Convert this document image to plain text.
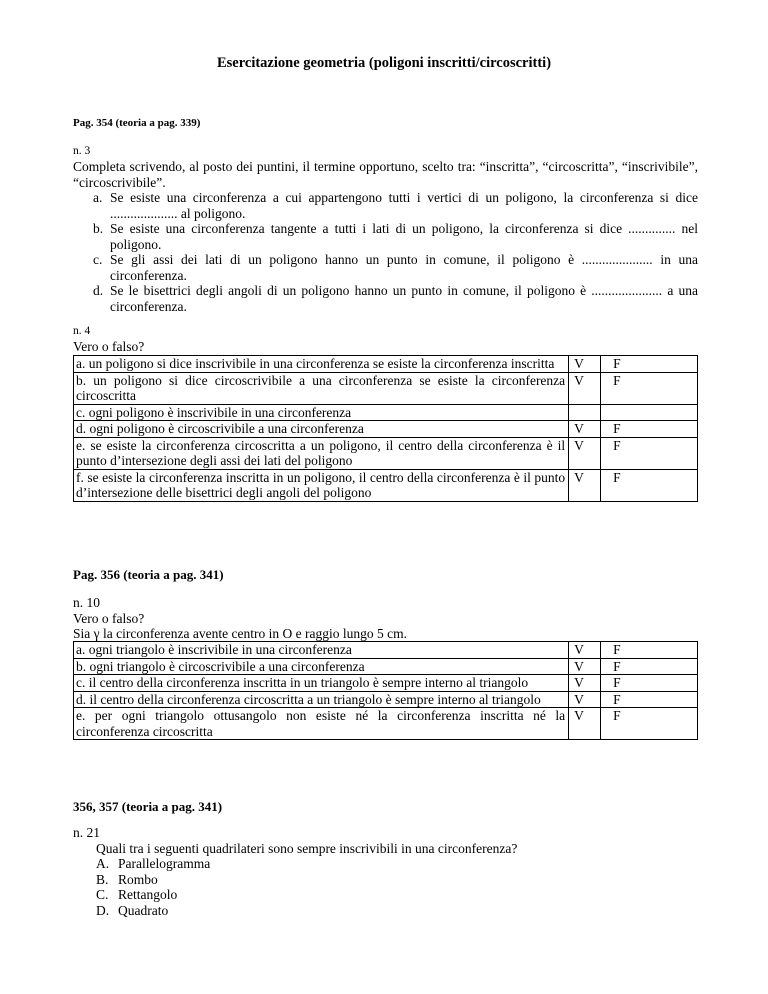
Esercitazione geometria (poligoni inscritti/circoscritti)
Pag. 354 (teoria a pag. 339)
n. 3
Completa scrivendo, al posto dei puntini, il termine opportuno, scelto tra: “inscritta”, “circoscritta”, “inscrivibile”, “circoscrivibile”.
a. Se esiste una circonferenza a cui appartengono tutti i vertici di un poligono, la circonferenza si dice .................... al poligono.
b. Se esiste una circonferenza tangente a tutti i lati di un poligono, la circonferenza si dice .............. nel poligono.
c. Se gli assi dei lati di un poligono hanno un punto in comune, il poligono è ..................... in una circonferenza.
d. Se le bisettrici degli angoli di un poligono hanno un punto in comune, il poligono è ..................... a una circonferenza.
n. 4
Vero o falso?
a. un poligono si dice inscrivibile in una circonferenza se esiste la circonferenza inscritta	V	F
b. un poligono si dice circoscrivibile a una circonferenza se esiste la circonferenza circoscritta	V	F
c. ogni poligono è inscrivibile in una circonferenza		
d. ogni poligono è circoscrivibile a una circonferenza	V	F
e. se esiste la circonferenza circoscritta a un poligono, il centro della circonferenza è il punto d’intersezione degli assi dei lati del poligono	V	F
f. se esiste la circonferenza inscritta in un poligono, il centro della circonferenza è il punto d’intersezione delle bisettrici degli angoli del poligono	V	F
Pag. 356 (teoria a pag. 341)
n. 10
Vero o falso?
Sia γ la circonferenza avente centro in O e raggio lungo 5 cm.
a. ogni triangolo è inscrivibile in una circonferenza	V	F
b. ogni triangolo è circoscrivibile a una circonferenza	V	F
c. il centro della circonferenza inscritta in un triangolo è sempre interno al triangolo	V	F
d. il centro della circonferenza circoscritta a un triangolo è sempre interno al triangolo	V	F
e. per ogni triangolo ottusangolo non esiste né la circonferenza inscritta né la circonferenza circoscritta	V	F
356, 357 (teoria a pag. 341)
n. 21
Quali tra i seguenti quadrilateri sono sempre inscrivibili in una circonferenza?
A. Parallelogramma
B. Rombo
C. Rettangolo
D. Quadrato
